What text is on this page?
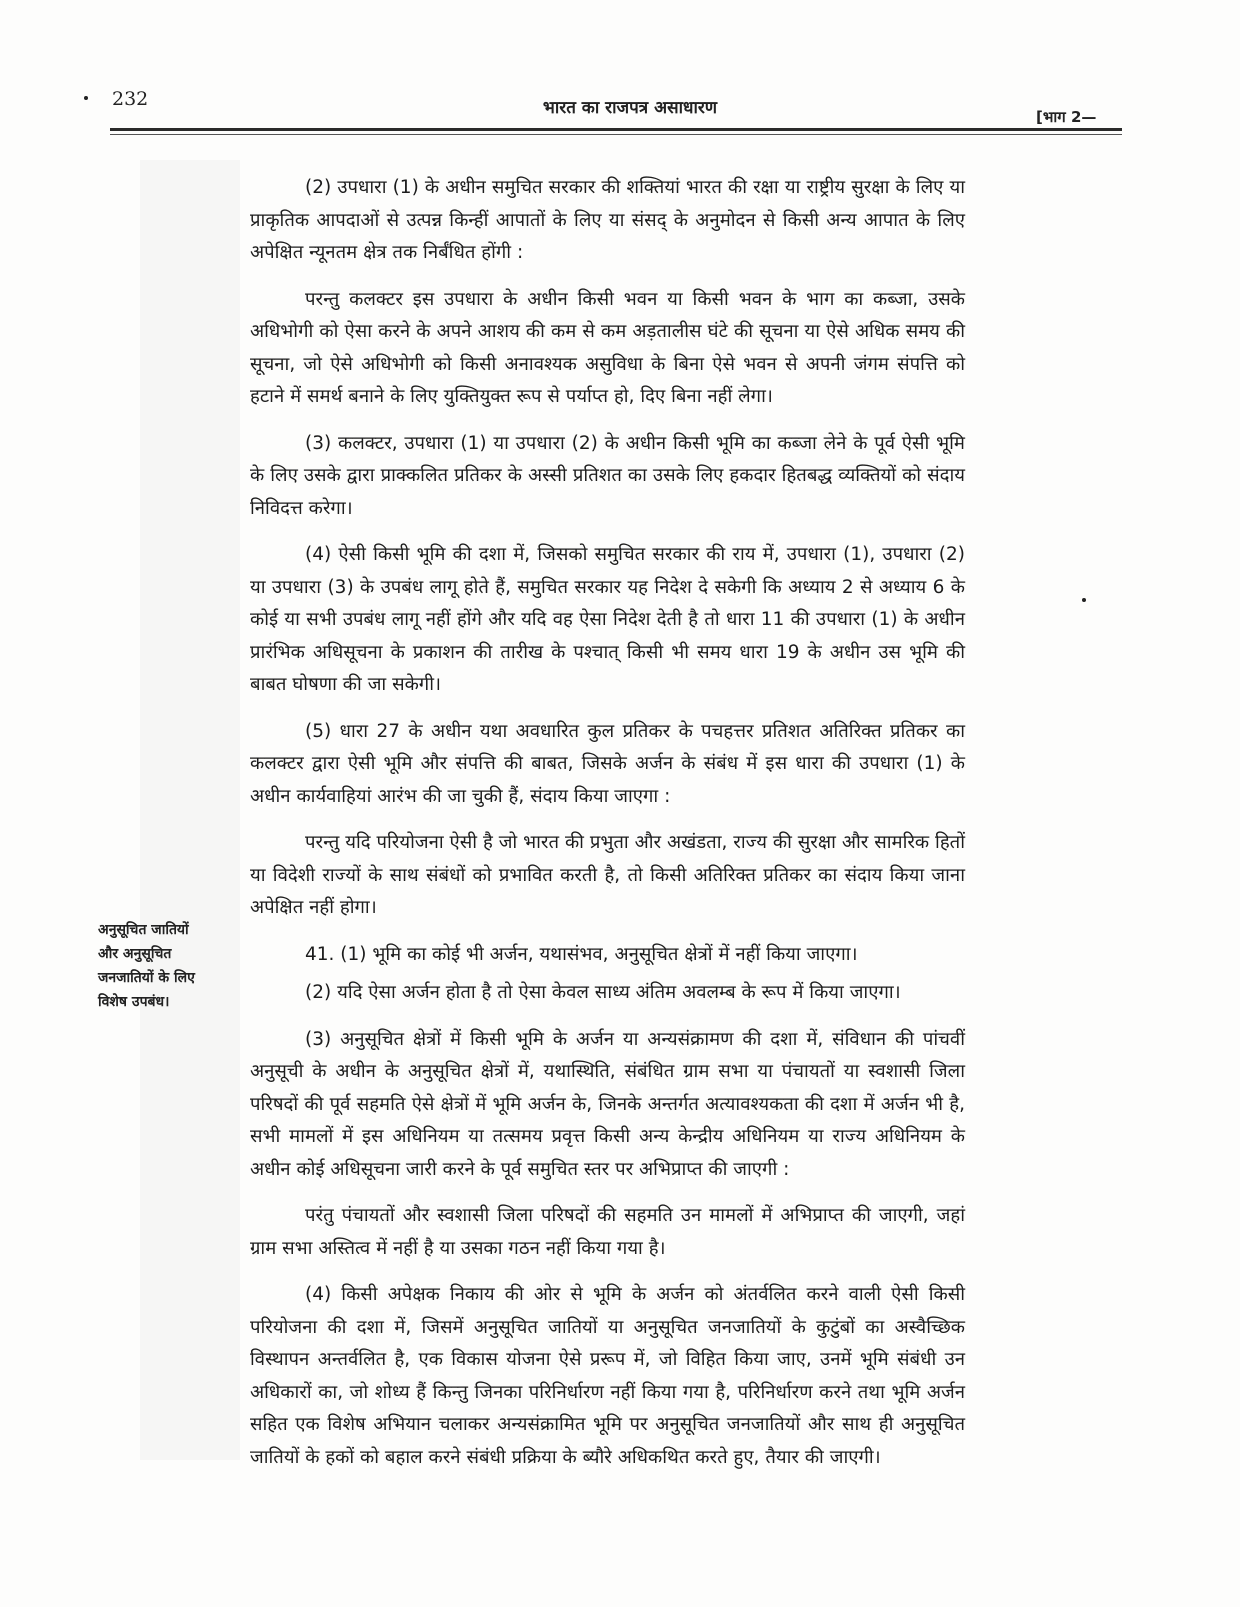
232	भारत का राजपत्र असाधारण	[भाग 2—
अनुसूचित जातियों
और अनुसूचित
जनजातियों के लिए
विशेष उपबंध।

(2) उपधारा (1) के अधीन समुचित सरकार की शक्तियां भारत की रक्षा या राष्ट्रीय सुरक्षा के लिए या प्राकृतिक आपदाओं से उत्पन्न किन्हीं आपातों के लिए या संसद् के अनुमोदन से किसी अन्य आपात के लिए अपेक्षित न्यूनतम क्षेत्र तक निर्बंधित होंगी :

परन्तु कलक्टर इस उपधारा के अधीन किसी भवन या किसी भवन के भाग का कब्जा, उसके अधिभोगी को ऐसा करने के अपने आशय की कम से कम अड़तालीस घंटे की सूचना या ऐसे अधिक समय की सूचना, जो ऐसे अधिभोगी को किसी अनावश्यक असुविधा के बिना ऐसे भवन से अपनी जंगम संपत्ति को हटाने में समर्थ बनाने के लिए युक्तियुक्त रूप से पर्याप्त हो, दिए बिना नहीं लेगा।

(3) कलक्टर, उपधारा (1) या उपधारा (2) के अधीन किसी भूमि का कब्जा लेने के पूर्व ऐसी भूमि के लिए उसके द्वारा प्राक्कलित प्रतिकर के अस्सी प्रतिशत का उसके लिए हकदार हितबद्ध व्यक्तियों को संदाय निविदत्त करेगा।

(4) ऐसी किसी भूमि की दशा में, जिसको समुचित सरकार की राय में, उपधारा (1), उपधारा (2) या उपधारा (3) के उपबंध लागू होते हैं, समुचित सरकार यह निदेश दे सकेगी कि अध्याय 2 से अध्याय 6 के कोई या सभी उपबंध लागू नहीं होंगे और यदि वह ऐसा निदेश देती है तो धारा 11 की उपधारा (1) के अधीन प्रारंभिक अधिसूचना के प्रकाशन की तारीख के पश्चात् किसी भी समय धारा 19 के अधीन उस भूमि की बाबत घोषणा की जा सकेगी।

(5) धारा 27 के अधीन यथा अवधारित कुल प्रतिकर के पचहत्तर प्रतिशत अतिरिक्त प्रतिकर का कलक्टर द्वारा ऐसी भूमि और संपत्ति की बाबत, जिसके अर्जन के संबंध में इस धारा की उपधारा (1) के अधीन कार्यवाहियां आरंभ की जा चुकी हैं, संदाय किया जाएगा :

परन्तु यदि परियोजना ऐसी है जो भारत की प्रभुता और अखंडता, राज्य की सुरक्षा और सामरिक हितों या विदेशी राज्यों के साथ संबंधों को प्रभावित करती है, तो किसी अतिरिक्त प्रतिकर का संदाय किया जाना अपेक्षित नहीं होगा।

41. (1) भूमि का कोई भी अर्जन, यथासंभव, अनुसूचित क्षेत्रों में नहीं किया जाएगा।

(2) यदि ऐसा अर्जन होता है तो ऐसा केवल साध्य अंतिम अवलम्ब के रूप में किया जाएगा।

(3) अनुसूचित क्षेत्रों में किसी भूमि के अर्जन या अन्यसंक्रामण की दशा में, संविधान की पांचवीं अनुसूची के अधीन के अनुसूचित क्षेत्रों में, यथास्थिति, संबंधित ग्राम सभा या पंचायतों या स्वशासी जिला परिषदों की पूर्व सहमति ऐसे क्षेत्रों में भूमि अर्जन के, जिनके अन्तर्गत अत्यावश्यकता की दशा में अर्जन भी है, सभी मामलों में इस अधिनियम या तत्समय प्रवृत्त किसी अन्य केन्द्रीय अधिनियम या राज्य अधिनियम के अधीन कोई अधिसूचना जारी करने के पूर्व समुचित स्तर पर अभिप्राप्त की जाएगी :

परंतु पंचायतों और स्वशासी जिला परिषदों की सहमति उन मामलों में अभिप्राप्त की जाएगी, जहां ग्राम सभा अस्तित्व में नहीं है या उसका गठन नहीं किया गया है।

(4) किसी अपेक्षक निकाय की ओर से भूमि के अर्जन को अंतर्वलित करने वाली ऐसी किसी परियोजना की दशा में, जिसमें अनुसूचित जातियों या अनुसूचित जनजातियों के कुटुंबों का अस्वैच्छिक विस्थापन अन्तर्वलित है, एक विकास योजना ऐसे प्ररूप में, जो विहित किया जाए, उनमें भूमि संबंधी उन अधिकारों का, जो शोध्य हैं किन्तु जिनका परिनिर्धारण नहीं किया गया है, परिनिर्धारण करने तथा भूमि अर्जन सहित एक विशेष अभियान चलाकर अन्यसंक्रामित भूमि पर अनुसूचित जनजातियों और साथ ही अनुसूचित जातियों के हकों को बहाल करने संबंधी प्रक्रिया के ब्यौरे अधिकथित करते हुए, तैयार की जाएगी।
